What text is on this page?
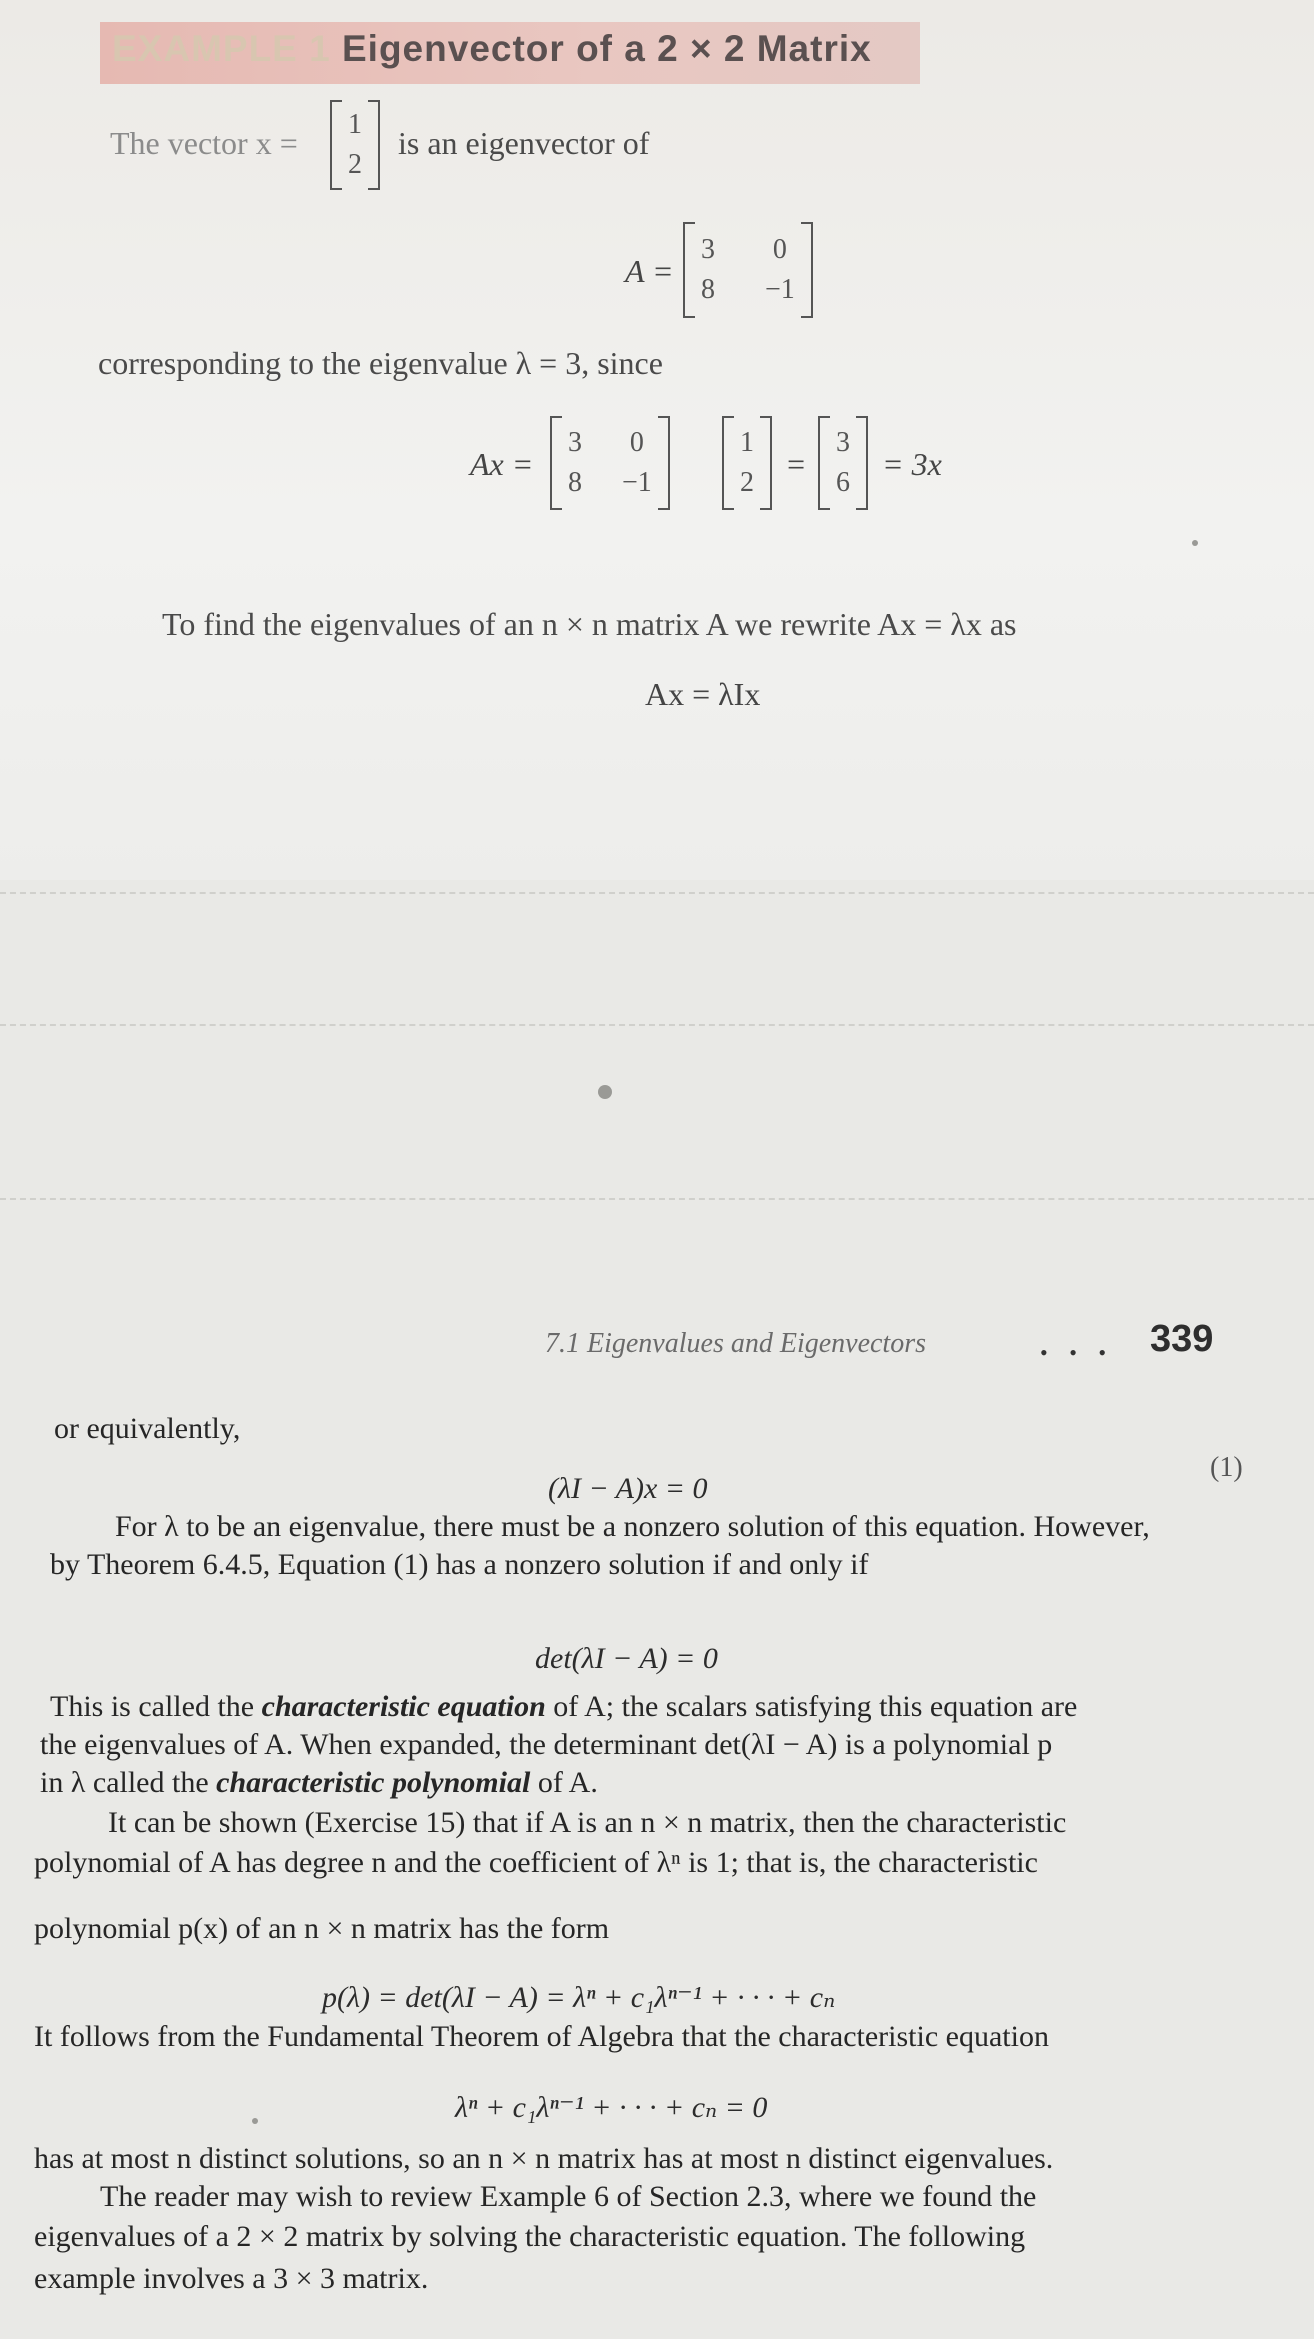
EXAMPLE 1 Eigenvector of a 2 × 2 Matrix
The vector x =
1
2
is an eigenvector of
A =
3 0
8 −1
corresponding to the eigenvalue λ = 3, since
Ax =
3 0
8 −1
1
2
=
3
6
= 3x
To find the eigenvalues of an n × n matrix A we rewrite Ax = λx as
Ax = λIx
7.1 Eigenvalues and Eigenvectors	• • • 339
or equivalently,
(λI − A)x = 0
(1)
For λ to be an eigenvalue, there must be a nonzero solution of this equation. However,
by Theorem 6.4.5, Equation (1) has a nonzero solution if and only if
det(λI − A) = 0
This is called the characteristic equation of A; the scalars satisfying this equation are
the eigenvalues of A. When expanded, the determinant det(λI − A) is a polynomial p
in λ called the characteristic polynomial of A.
It can be shown (Exercise 15) that if A is an n × n matrix, then the characteristic
polynomial of A has degree n and the coefficient of λⁿ is 1; that is, the characteristic
polynomial p(x) of an n × n matrix has the form
p(λ) = det(λI − A) = λⁿ + c₁λⁿ⁻¹ + · · · + cₙ
It follows from the Fundamental Theorem of Algebra that the characteristic equation
λⁿ + c₁λⁿ⁻¹ + · · · + cₙ = 0
has at most n distinct solutions, so an n × n matrix has at most n distinct eigenvalues.
The reader may wish to review Example 6 of Section 2.3, where we found the
eigenvalues of a 2 × 2 matrix by solving the characteristic equation. The following
example involves a 3 × 3 matrix.
